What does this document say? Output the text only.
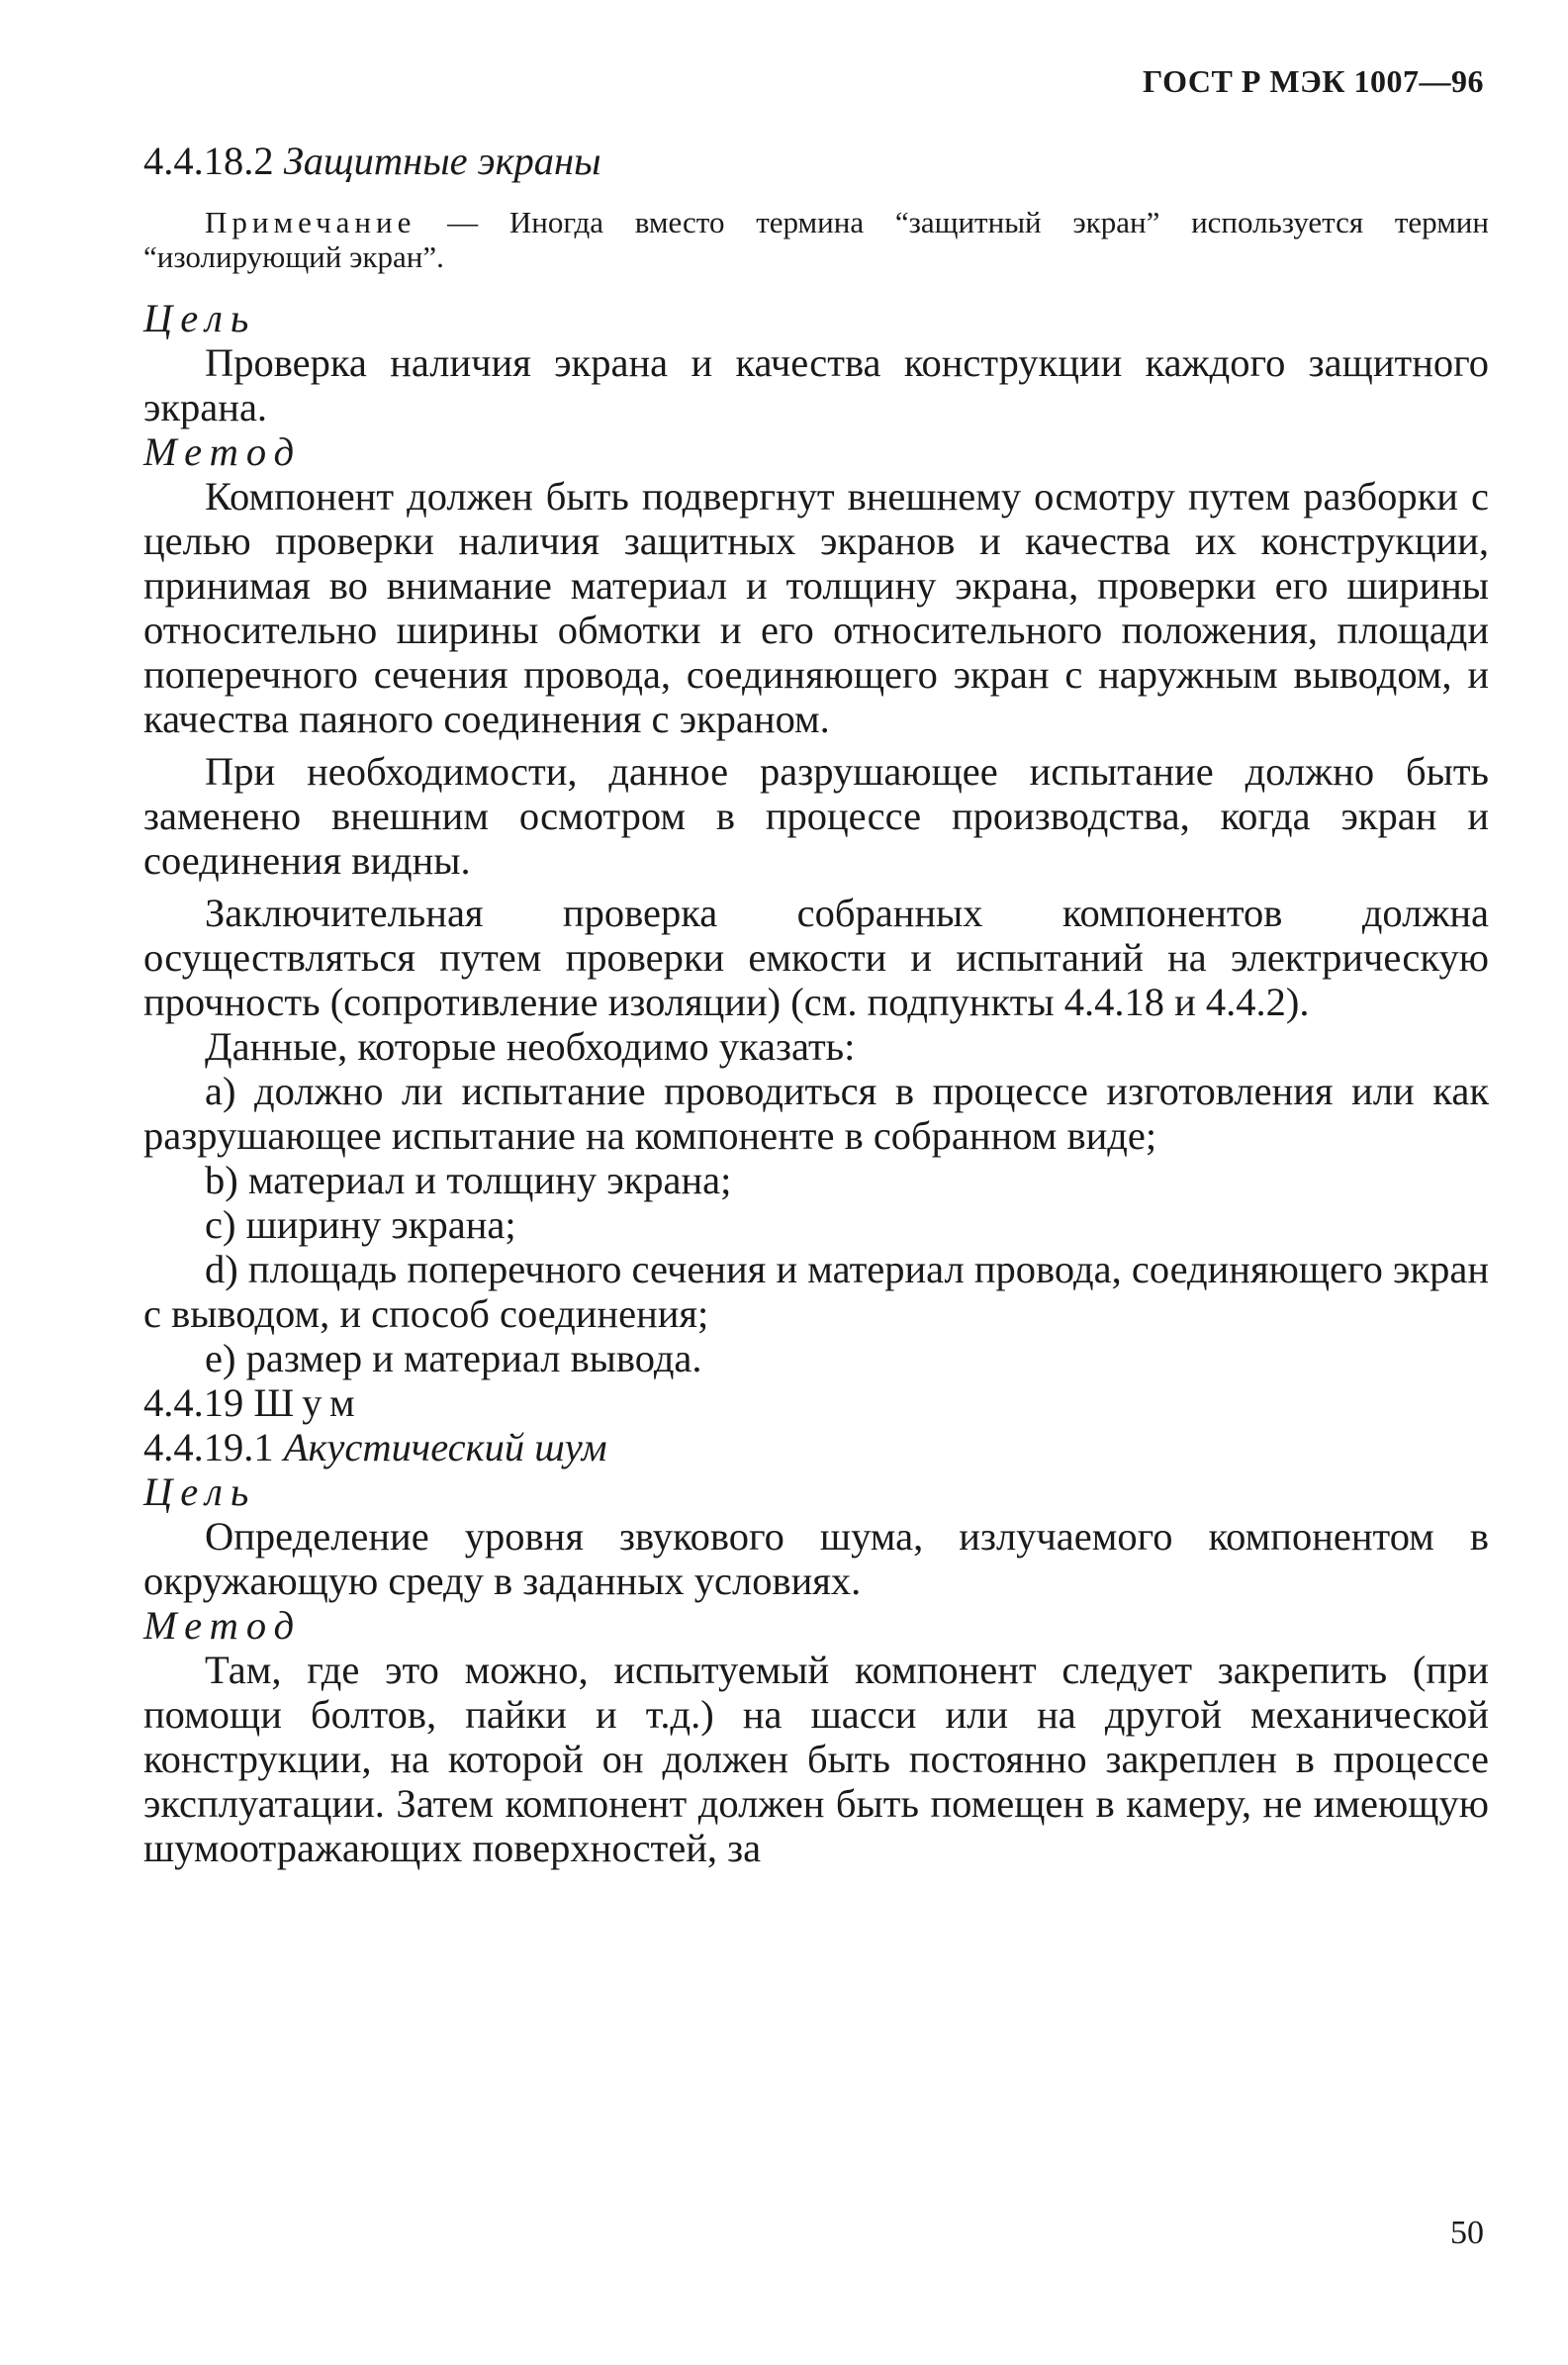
ГОСТ Р МЭК 1007—96

4.4.18.2 Защитные экраны

Примечание — Иногда вместо термина “защитный экран” используется термин “изолирующий экран”.

Цель

Проверка наличия экрана и качества конструкции каждого защитного экрана.

Метод

Компонент должен быть подвергнут внешнему осмотру путем разборки с целью проверки наличия защитных экранов и качества их конструкции, принимая во внимание материал и толщину экрана, проверки его ширины относительно ширины обмотки и его относительного положения, площади поперечного сечения провода, соединяющего экран с наружным выводом, и качества паяного соединения с экраном.

При необходимости, данное разрушающее испытание должно быть заменено внешним осмотром в процессе производства, когда экран и соединения видны.

Заключительная проверка собранных компонентов должна осуществляться путем проверки емкости и испытаний на электрическую прочность (сопротивление изоляции) (см. подпункты 4.4.18 и 4.4.2).

Данные, которые необходимо указать:

а) должно ли испытание проводиться в процессе изготовления или как разрушающее испытание на компоненте в собранном виде;

b) материал и толщину экрана;

c) ширину экрана;

d) площадь поперечного сечения и материал провода, соединяющего экран с выводом, и способ соединения;

e) размер и материал вывода.

4.4.19 Шум

4.4.19.1 Акустический шум

Цель

Определение уровня звукового шума, излучаемого компонентом в окружающую среду в заданных условиях.

Метод

Там, где это можно, испытуемый компонент следует закрепить (при помощи болтов, пайки и т.д.) на шасси или на другой механической конструкции, на которой он должен быть постоянно закреплен в процессе эксплуатации. Затем компонент должен быть помещен в камеру, не имеющую шумоотражающих поверхностей, за

50
